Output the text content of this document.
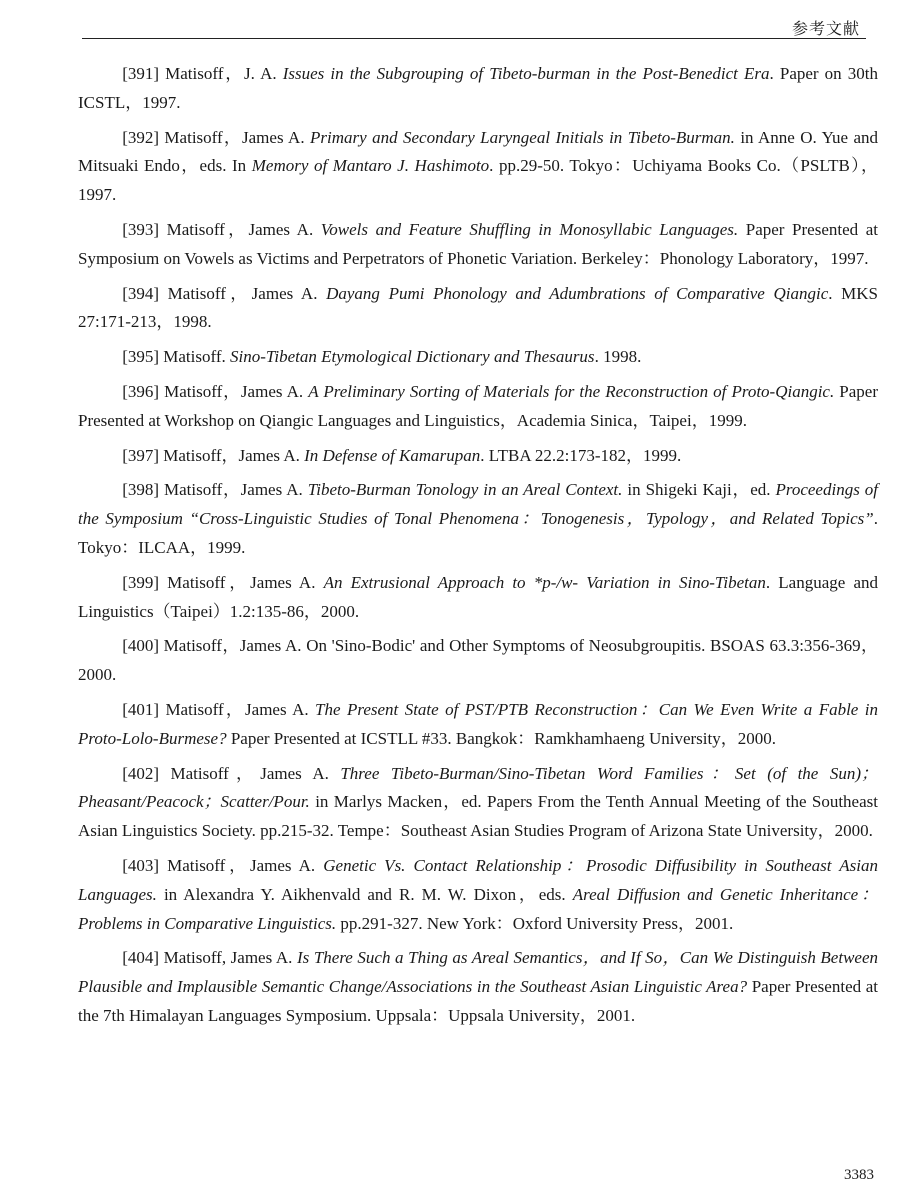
参考文献

[391] Matisoff，J. A. Issues in the Subgrouping of Tibeto-burman in the Post-Benedict Era. Paper on 30th ICSTL，1997.

[392] Matisoff，James A. Primary and Secondary Laryngeal Initials in Tibeto-Burman. in Anne O. Yue and Mitsuaki Endo，eds. In Memory of Mantaro J. Hashimoto. pp.29-50. Tokyo：Uchiyama Books Co.（PSLTB），1997.

[393] Matisoff，James A. Vowels and Feature Shuffling in Monosyllabic Languages. Paper Presented at Symposium on Vowels as Victims and Perpetrators of Phonetic Variation. Berkeley：Phonology Laboratory，1997.

[394] Matisoff，James A. Dayang Pumi Phonology and Adumbrations of Comparative Qiangic. MKS 27:171-213，1998.

[395] Matisoff. Sino-Tibetan Etymological Dictionary and Thesaurus. 1998.

[396] Matisoff，James A. A Preliminary Sorting of Materials for the Reconstruction of Proto-Qiangic. Paper Presented at Workshop on Qiangic Languages and Linguistics，Academia Sinica，Taipei，1999.

[397] Matisoff，James A. In Defense of Kamarupan. LTBA 22.2:173-182，1999.

[398] Matisoff，James A. Tibeto-Burman Tonology in an Areal Context. in Shigeki Kaji，ed. Proceedings of the Symposium “Cross-Linguistic Studies of Tonal Phenomena：Tonogenesis，Typology，and Related Topics”. Tokyo：ILCAA，1999.

[399] Matisoff，James A. An Extrusional Approach to *p-/w- Variation in Sino-Tibetan. Language and Linguistics（Taipei）1.2:135-86，2000.

[400] Matisoff，James A. On 'Sino-Bodic' and Other Symptoms of Neosubgroupitis. BSOAS 63.3:356-369，2000.

[401] Matisoff，James A. The Present State of PST/PTB Reconstruction：Can We Even Write a Fable in Proto-Lolo-Burmese? Paper Presented at ICSTLL #33. Bangkok：Ramkhamhaeng University，2000.

[402] Matisoff，James A. Three Tibeto-Burman/Sino-Tibetan Word Families：Set (of the Sun)；Pheasant/Peacock；Scatter/Pour. in Marlys Macken，ed. Papers From the Tenth Annual Meeting of the Southeast Asian Linguistics Society. pp.215-32. Tempe：Southeast Asian Studies Program of Arizona State University，2000.

[403] Matisoff，James A. Genetic Vs. Contact Relationship：Prosodic Diffusibility in Southeast Asian Languages. in Alexandra Y. Aikhenvald and R. M. W. Dixon，eds. Areal Diffusion and Genetic Inheritance：Problems in Comparative Linguistics. pp.291-327. New York：Oxford University Press，2001.

[404] Matisoff, James A. Is There Such a Thing as Areal Semantics，and If So，Can We Distinguish Between Plausible and Implausible Semantic Change/Associations in the Southeast Asian Linguistic Area? Paper Presented at the 7th Himalayan Languages Symposium. Uppsala：Uppsala University，2001.

3383
